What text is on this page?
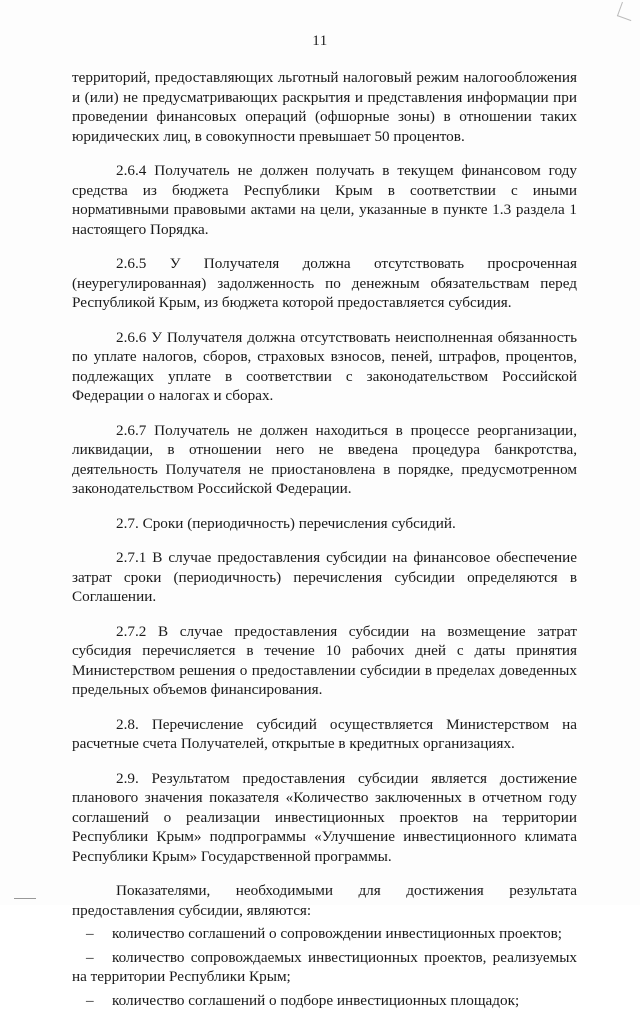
11

территорий, предоставляющих льготный налоговый режим налогообложения и (или) не предусматривающих раскрытия и представления информации при проведении финансовых операций (офшорные зоны) в отношении таких юридических лиц, в совокупности превышает 50 процентов.

2.6.4 Получатель не должен получать в текущем финансовом году средства из бюджета Республики Крым в соответствии с иными нормативными правовыми актами на цели, указанные в пункте 1.3 раздела 1 настоящего Порядка.

2.6.5 У Получателя должна отсутствовать просроченная (неурегулированная) задолженность по денежным обязательствам перед Республикой Крым, из бюджета которой предоставляется субсидия.

2.6.6 У Получателя должна отсутствовать неисполненная обязанность по уплате налогов, сборов, страховых взносов, пеней, штрафов, процентов, подлежащих уплате в соответствии с законодательством Российской Федерации о налогах и сборах.

2.6.7 Получатель не должен находиться в процессе реорганизации, ликвидации, в отношении него не введена процедура банкротства, деятельность Получателя не приостановлена в порядке, предусмотренном законодательством Российской Федерации.

2.7. Сроки (периодичность) перечисления субсидий.

2.7.1 В случае предоставления субсидии на финансовое обеспечение затрат сроки (периодичность) перечисления субсидии определяются в Соглашении.

2.7.2 В случае предоставления субсидии на возмещение затрат субсидия перечисляется в течение 10 рабочих дней с даты принятия Министерством решения о предоставлении субсидии в пределах доведенных предельных объемов финансирования.

2.8. Перечисление субсидий осуществляется Министерством на расчетные счета Получателей, открытые в кредитных организациях.

2.9. Результатом предоставления субсидии является достижение планового значения показателя «Количество заключенных в отчетном году соглашений о реализации инвестиционных проектов на территории Республики Крым» подпрограммы «Улучшение инвестиционного климата Республики Крым» Государственной программы.

Показателями, необходимыми для достижения результата предоставления субсидии, являются:

– количество соглашений о сопровождении инвестиционных проектов;

– количество сопровождаемых инвестиционных проектов, реализуемых на территории Республики Крым;

– количество соглашений о подборе инвестиционных площадок;
